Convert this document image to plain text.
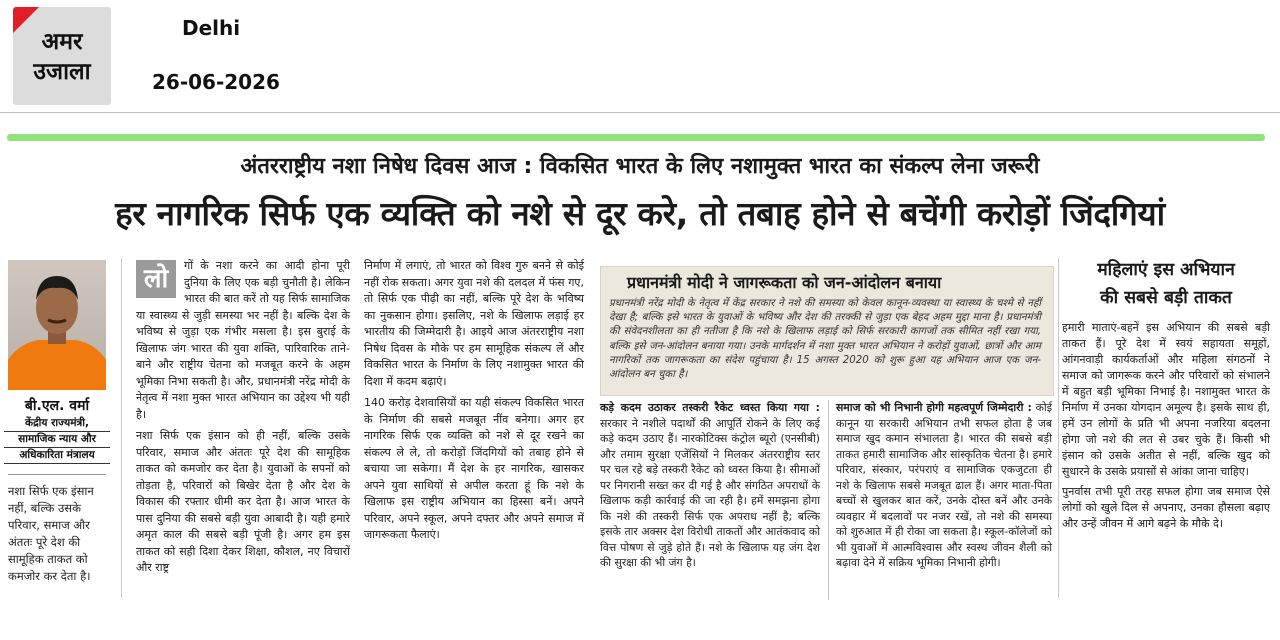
अमर
उजाला
Delhi
26-06-2026
अंतरराष्ट्रीय नशा निषेध दिवस आज : विकसित भारत के लिए नशामुक्त भारत का संकल्प लेना जरूरी
हर नागरिक सिर्फ एक व्यक्ति को नशे से दूर करे, तो तबाह होने से बचेंगी करोड़ों जिंदगियां
बी.एल. वर्मा
केंद्रीय राज्यमंत्री,
सामाजिक न्याय और
अधिकारिता मंत्रालय
नशा सिर्फ एक इंसान नहीं, बल्कि उसके परिवार, समाज और अंततः पूरे देश की सामूहिक ताकत को कमजोर कर देता है।

लो	गों के नशा करने का आदी होना पूरी दुनिया के लिए एक बड़ी चुनौती है। लेकिन भारत की बात करें तो यह सिर्फ सामाजिक या स्वास्थ्य से जुड़ी समस्या भर नहीं है। बल्कि देश के भविष्य से जुड़ा एक गंभीर मसला है। इस बुराई के खिलाफ जंग भारत की युवा शक्ति, पारिवारिक ताने-बाने और राष्ट्रीय चेतना को मजबूत करने के अहम भूमिका निभा सकती है। और, प्रधानमंत्री नरेंद्र मोदी के नेतृत्व में नशा मुक्त भारत अभियान का उद्देश्य भी यही है।

नशा सिर्फ एक इंसान को ही नहीं, बल्कि उसके परिवार, समाज और अंततः पूरे देश की सामूहिक ताकत को कमजोर कर देता है। युवाओं के सपनों को तोड़ता है, परिवारों को बिखेर देता है और देश के विकास की रफ्तार धीमी कर देता है। आज भारत के पास दुनिया की सबसे बड़ी युवा आबादी है। यही हमारे अमृत काल की सबसे बड़ी पूंजी है। अगर हम इस ताकत को सही दिशा देकर शिक्षा, कौशल, नए विचारों और राष्ट्र

निर्माण में लगाएं, तो भारत को विश्व गुरु बनने से कोई नहीं रोक सकता। अगर युवा नशे की दलदल में फंस गए, तो सिर्फ एक पीढ़ी का नहीं, बल्कि पूरे देश के भविष्य का नुकसान होगा। इसलिए, नशे के खिलाफ लड़ाई हर भारतीय की जिम्मेदारी है। आइये आज अंतरराष्ट्रीय नशा निषेध दिवस के मौके पर हम सामूहिक संकल्प लें और विकसित भारत के निर्माण के लिए नशामुक्त भारत की दिशा में कदम बढ़ाएं।

140 करोड़ देशवासियों का यही संकल्प विकसित भारत के निर्माण की सबसे मजबूत नींव बनेगा। अगर हर नागरिक सिर्फ एक व्यक्ति को नशे से दूर रखने का संकल्प ले ले, तो करोड़ों जिंदगियों को तबाह होने से बचाया जा सकेगा। मैं देश के हर नागरिक, खासकर अपने युवा साथियों से अपील करता हूं कि नशे के खिलाफ इस राष्ट्रीय अभियान का हिस्सा बनें। अपने परिवार, अपने स्कूल, अपने दफ्तर और अपने समाज में जागरूकता फैलाएं।

प्रधानमंत्री मोदी ने जागरूकता को जन-आंदोलन बनाया
प्रधानमंत्री नरेंद्र मोदी के नेतृत्व में केंद्र सरकार ने नशे की समस्या को केवल कानून-व्यवस्था या स्वास्थ्य के चश्मे से नहीं देखा है; बल्कि इसे भारत के युवाओं के भविष्य और देश की तरक्की से जुड़ा एक बेहद अहम मुद्दा माना है। प्रधानमंत्री की संवेदनशीलता का ही नतीजा है कि नशे के खिलाफ लड़ाई को सिर्फ सरकारी कागजों तक सीमित नहीं रखा गया, बल्कि इसे जन-आंदोलन बनाया गया। उनके मार्गदर्शन में नशा मुक्त भारत अभियान ने करोड़ों युवाओं, छात्रों और आम नागरिकों तक जागरूकता का संदेश पहुंचाया है। 15 अगस्त 2020 को शुरू हुआ यह अभियान आज एक जन-आंदोलन बन चुका है।
कड़े कदम उठाकर तस्करी रैकेट ध्वस्त किया गया : सरकार ने नशीले पदार्थों की आपूर्ति रोकने के लिए कई कड़े कदम उठाए हैं। नारकोटिक्स कंट्रोल ब्यूरो (एनसीबी) और तमाम सुरक्षा एजेंसियों ने मिलकर अंतरराष्ट्रीय स्तर पर चल रहे बड़े तस्करी रैकेट को ध्वस्त किया है। सीमाओं पर निगरानी सख्त कर दी गई है और संगठित अपराधों के खिलाफ कड़ी कार्रवाई की जा रही है। हमें समझना होगा कि नशे की तस्करी सिर्फ एक अपराध नहीं है; बल्कि इसके तार अक्सर देश विरोधी ताकतों और आतंकवाद को वित्त पोषण से जुड़े होते हैं। नशे के खिलाफ यह जंग देश की सुरक्षा की भी जंग है।
समाज को भी निभानी होगी महत्वपूर्ण जिम्मेदारी : कोई कानून या सरकारी अभियान तभी सफल होता है जब समाज खुद कमान संभालता है। भारत की सबसे बड़ी ताकत हमारी सामाजिक और सांस्कृतिक चेतना है। हमारे परिवार, संस्कार, परंपराएं व सामाजिक एकजुटता ही नशे के खिलाफ सबसे मजबूत ढाल हैं। अगर माता-पिता बच्चों से खुलकर बात करें, उनके दोस्त बनें और उनके व्यवहार में बदलावों पर नजर रखें, तो नशे की समस्या को शुरुआत में ही रोका जा सकता है। स्कूल-कॉलेजों को भी युवाओं में आत्मविश्वास और स्वस्थ जीवन शैली को बढ़ावा देने में सक्रिय भूमिका निभानी होगी।
महिलाएं इस अभियान
की सबसे बड़ी ताकत

हमारी माताएं-बहनें इस अभियान की सबसे बड़ी ताकत हैं। पूरे देश में स्वयं सहायता समूहों, आंगनवाड़ी कार्यकर्ताओं और महिला संगठनों ने समाज को जागरूक करने और परिवारों को संभालने में बहुत बड़ी भूमिका निभाई है। नशामुक्त भारत के निर्माण में उनका योगदान अमूल्य है। इसके साथ ही, हमें उन लोगों के प्रति भी अपना नजरिया बदलना होगा जो नशे की लत से उबर चुके हैं। किसी भी इंसान को उसके अतीत से नहीं, बल्कि खुद को सुधारने के उसके प्रयासों से आंका जाना चाहिए।

पुनर्वास तभी पूरी तरह सफल होगा जब समाज ऐसे लोगों को खुले दिल से अपनाए, उनका हौसला बढ़ाए और उन्हें जीवन में आगे बढ़ने के मौके दे।
